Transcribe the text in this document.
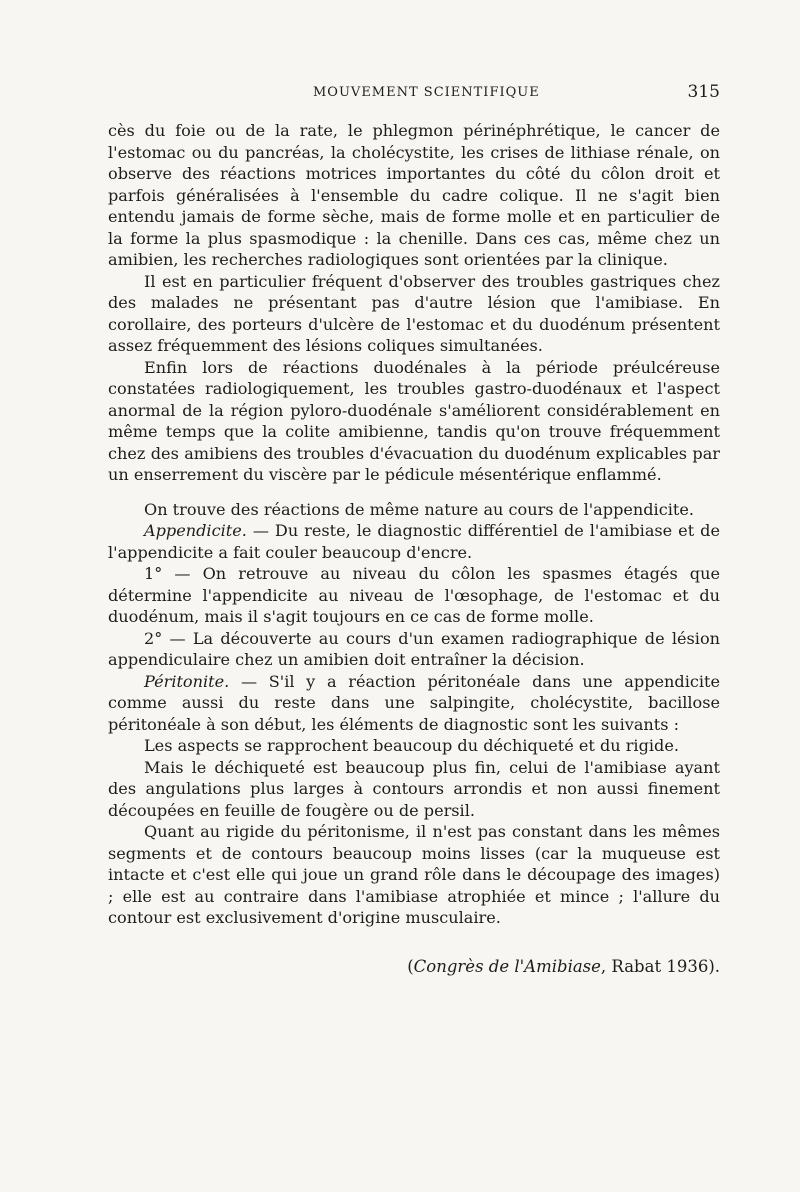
MOUVEMENT SCIENTIFIQUE	315

cès du foie ou de la rate, le phlegmon périnéphrétique, le cancer de l'estomac ou du pancréas, la cholécystite, les crises de lithiase rénale, on observe des réactions motrices importantes du côté du côlon droit et parfois généralisées à l'ensemble du cadre colique. Il ne s'agit bien entendu jamais de forme sèche, mais de forme molle et en particulier de la forme la plus spasmodique : la chenille. Dans ces cas, même chez un amibien, les recherches radiologiques sont orientées par la clinique.

Il est en particulier fréquent d'observer des troubles gastriques chez des malades ne présentant pas d'autre lésion que l'amibiase. En corollaire, des porteurs d'ulcère de l'estomac et du duodénum présentent assez fréquemment des lésions coliques simultanées.

Enfin lors de réactions duodénales à la période préulcéreuse constatées radiologiquement, les troubles gastro-duodénaux et l'aspect anormal de la région pyloro-duodénale s'améliorent considérablement en même temps que la colite amibienne, tandis qu'on trouve fréquemment chez des amibiens des troubles d'évacuation du duodénum explicables par un enserrement du viscère par le pédicule mésentérique enflammé.

On trouve des réactions de même nature au cours de l'appendicite.

Appendicite. — Du reste, le diagnostic différentiel de l'amibiase et de l'appendicite a fait couler beaucoup d'encre.

1° — On retrouve au niveau du côlon les spasmes étagés que détermine l'appendicite au niveau de l'œsophage, de l'estomac et du duodénum, mais il s'agit toujours en ce cas de forme molle.

2° — La découverte au cours d'un examen radiographique de lésion appendiculaire chez un amibien doit entraîner la décision.

Péritonite. — S'il y a réaction péritonéale dans une appendicite comme aussi du reste dans une salpingite, cholécystite, bacillose péritonéale à son début, les éléments de diagnostic sont les suivants :

Les aspects se rapprochent beaucoup du déchiqueté et du rigide.

Mais le déchiqueté est beaucoup plus fin, celui de l'amibiase ayant des angulations plus larges à contours arrondis et non aussi finement découpées en feuille de fougère ou de persil.

Quant au rigide du péritonisme, il n'est pas constant dans les mêmes segments et de contours beaucoup moins lisses (car la muqueuse est intacte et c'est elle qui joue un grand rôle dans le découpage des images) ; elle est au contraire dans l'amibiase atrophiée et mince ; l'allure du contour est exclusivement d'origine musculaire.

(Congrès de l'Amibiase, Rabat 1936).
